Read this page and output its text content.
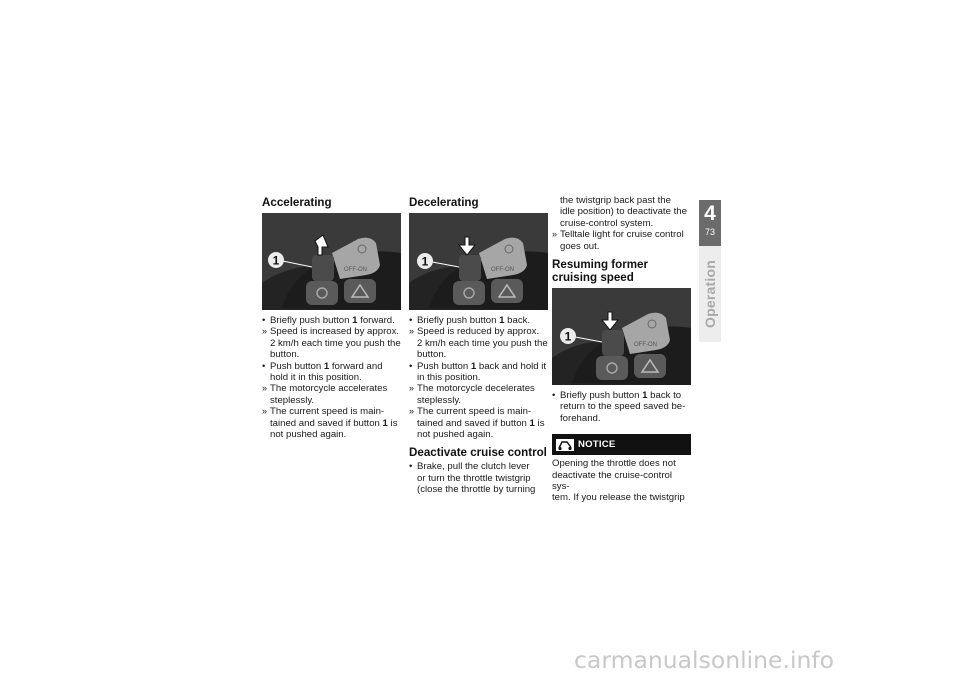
Accelerating
OFF-ON
1
• Briefly push button 1 forward.
» Speed is increased by approx.
2 km/h each time you push the
button.
• Push button 1 forward and
hold it in this position.
» The motorcycle accelerates
steplessly.
» The current speed is main-
tained and saved if button 1 is
not pushed again.
Decelerating
OFF-ON
1
• Briefly push button 1 back.
» Speed is reduced by approx.
2 km/h each time you push the
button.
• Push button 1 back and hold it
in this position.
» The motorcycle decelerates
steplessly.
» The current speed is main-
tained and saved if button 1 is
not pushed again.
Deactivate cruise control
• Brake, pull the clutch lever
or turn the throttle twistgrip
(close the throttle by turning
the twistgrip back past the
idle position) to deactivate the
cruise-control system.
» Telltale light for cruise control
goes out.
Resuming former cruising speed
OFF-ON
1
• Briefly push button 1 back to
return to the speed saved be-
forehand.
NOTICE
Opening the throttle does not
deactivate the cruise-control sys-
tem. If you release the twistgrip
4
73
Operation
carmanualsonline.info
